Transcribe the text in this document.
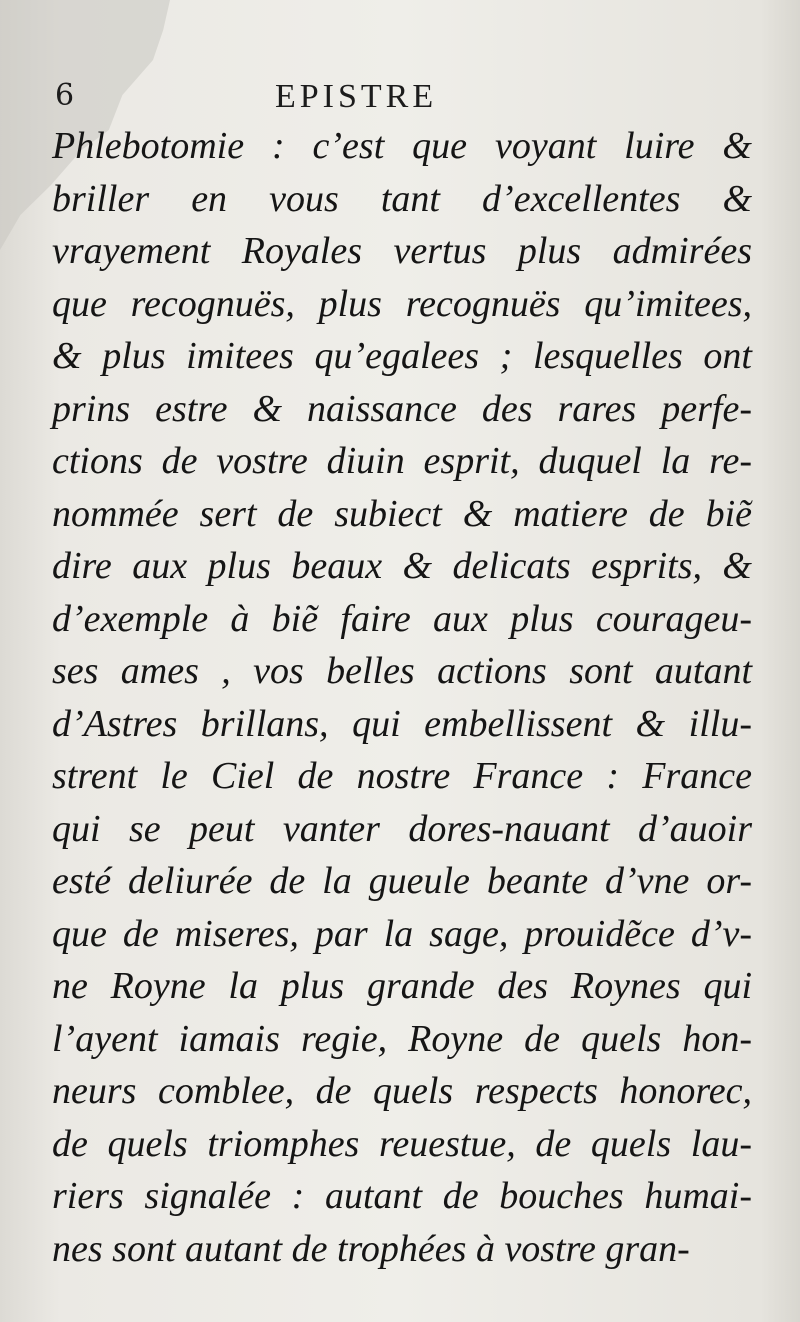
6	EPISTRE
Phlebotomie : c’est que voyant luire &
briller en vous tant d’excellentes &
vrayement Royales vertus plus admirées
que recognuës, plus recognuës qu’imitees,
& plus imitees qu’egalees ; lesquelles ont
prins estre & naissance des rares perfe-
ctions de vostre diuin esprit, duquel la re-
nommée sert de subiect & matiere de biẽ
dire aux plus beaux & delicats esprits, &
d’exemple à biẽ faire aux plus courageu-
ses ames , vos belles actions sont autant
d’Astres brillans, qui embellissent & illu-
strent le Ciel de nostre France : France
qui se peut vanter dores-nauant d’auoir
esté deliurée de la gueule beante d’vne or-
que de miseres, par la sage, prouidẽce d’v-
ne Royne la plus grande des Roynes qui
l’ayent iamais regie, Royne de quels hon-
neurs comblee, de quels respects honorec,
de quels triomphes reuestue, de quels lau-
riers signalée : autant de bouches humai-
nes sont autant de trophées à vostre gran-
